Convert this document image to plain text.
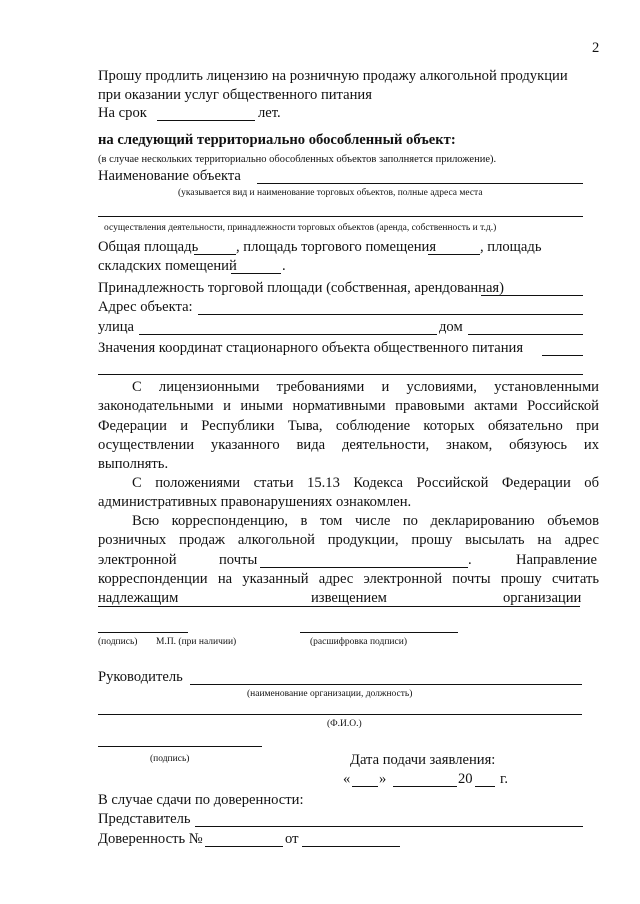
2
Прошу продлить лицензию на розничную продажу алкогольной продукции
при оказании услуг общественного питания
На срок	лет.
на следующий территориально обособленный объект:
(в случае нескольких территориально обособленных объектов заполняется приложение).
Наименование объекта
(указывается вид и наименование торговых объектов, полные адреса места
осуществления деятельности, принадлежности торговых объектов (аренда, собственность и т.д.)
Общая площадь	, площадь торгового помещения	, площадь
складских помещений	.
Принадлежность торговой площади (собственная, арендованная)
Адрес объекта:
улица	дом
Значения координат стационарного объекта общественного питания
С лицензионными требованиями и условиями, установленными
законодательными и иными нормативными правовыми актами Российской
Федерации и Республики Тыва, соблюдение которых обязательно при
осуществлении указанного вида деятельности, знаком, обязуюсь их
выполнять.
С положениями статьи 15.13 Кодекса Российской Федерации об
административных правонарушениях ознакомлен.
Всю корреспонденцию, в том числе по декларированию объемов
розничных продаж алкогольной продукции, прошу высылать на адрес
электронной	почты	.	Направление
корреспонденции на указанный адрес электронной почты прошу считать
надлежащим	извещением	организации
(подпись) М.П. (при наличии)	(расшифровка подписи)
Руководитель
(наименование организации, должность)
(Ф.И.О.)
(подпись)	Дата подачи заявления:
« »	20 г.
В случае сдачи по доверенности:
Представитель
Доверенность №	от
